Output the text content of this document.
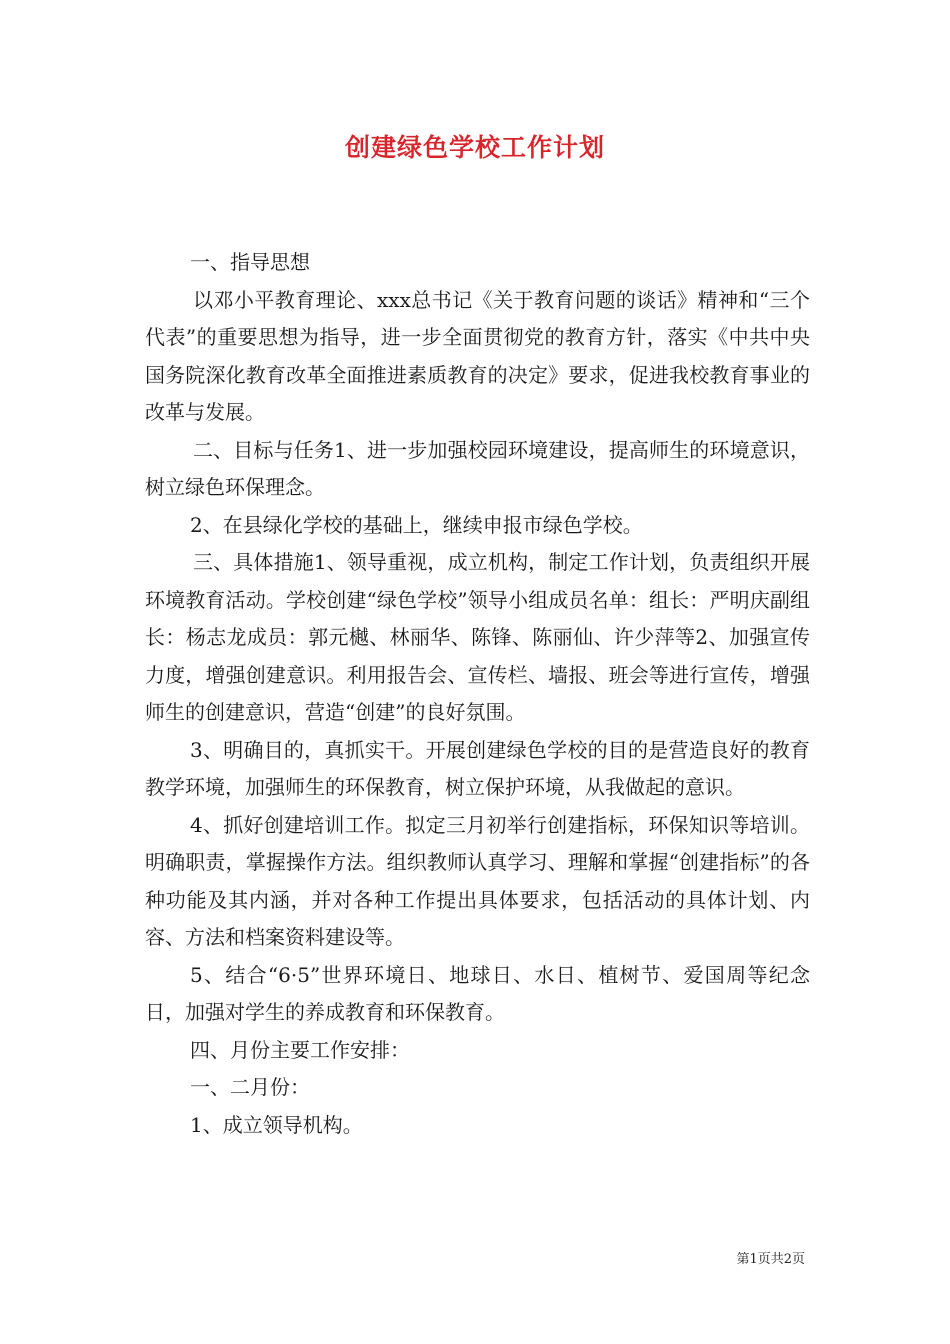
创建绿色学校工作计划

一、指导思想

以邓小平教育理论、xxx总书记《关于教育问题的谈话》精神和“三个代表”的重要思想为指导，进一步全面贯彻党的教育方针，落实《中共中央国务院深化教育改革全面推进素质教育的决定》要求，促进我校教育事业的改革与发展。

二、目标与任务1、进一步加强校园环境建设，提高师生的环境意识，树立绿色环保理念。

2、在县绿化学校的基础上，继续申报市绿色学校。

三、具体措施1、领导重视，成立机构，制定工作计划，负责组织开展环境教育活动。学校创建“绿色学校”领导小组成员名单：组长：严明庆副组长：杨志龙成员：郭元樾、林丽华、陈锋、陈丽仙、许少萍等2、加强宣传力度，增强创建意识。利用报告会、宣传栏、墙报、班会等进行宣传，增强师生的创建意识，营造“创建”的良好氛围。

3、明确目的，真抓实干。开展创建绿色学校的目的是营造良好的教育教学环境，加强师生的环保教育，树立保护环境，从我做起的意识。

4、抓好创建培训工作。拟定三月初举行创建指标，环保知识等培训。明确职责，掌握操作方法。组织教师认真学习、理解和掌握“创建指标”的各种功能及其内涵，并对各种工作提出具体要求，包括活动的具体计划、内容、方法和档案资料建设等。

5、结合“6·5”世界环境日、地球日、水日、植树节、爱国周等纪念日，加强对学生的养成教育和环保教育。

四、月份主要工作安排：

一、二月份：

1、成立领导机构。

第1页共2页
